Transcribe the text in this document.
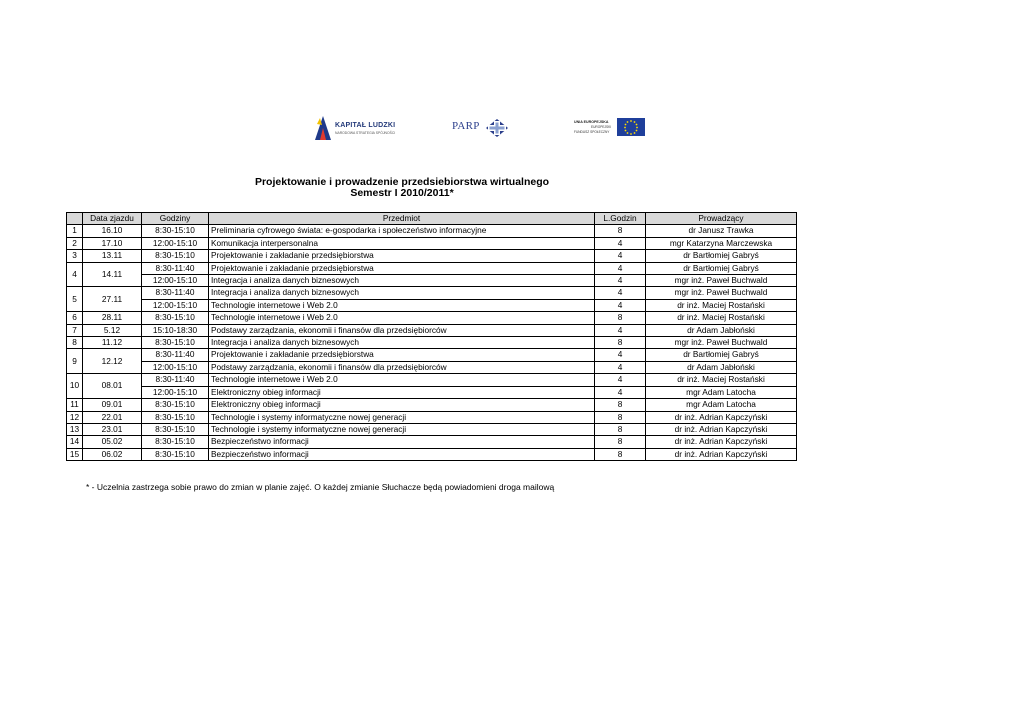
KAPITAŁ LUDZKI
NARODOWA STRATEGIA SPÓJNOŚCI
PARP	UNIA EUROPEJSKA
EUROPEJSKI
FUNDUSZ SPOŁECZNY
Projektowanie i prowadzenie przedsiebiorstwa wirtualnego
Semestr I 2010/2011*
	Data zjazdu	Godziny	Przedmiot	L.Godzin	Prowadzący
1	16.10	8:30-15:10	Preliminaria cyfrowego świata: e-gospodarka i społeczeństwo informacyjne	8	dr Janusz Trawka
2	17.10	12:00-15:10	Komunikacja interpersonalna	4	mgr Katarzyna Marczewska
3	13.11	8:30-15:10	Projektowanie i zakładanie przedsiębiorstwa	4	dr Bartłomiej Gabryś
4	14.11	8:30-11:40	Projektowanie i zakładanie przedsiębiorstwa	4	dr Bartłomiej Gabryś
		12:00-15:10	Integracja i analiza danych biznesowych	4	mgr inż. Paweł Buchwald
5	27.11	8:30-11:40	Integracja i analiza danych biznesowych	4	mgr inż. Paweł Buchwald
		12:00-15:10	Technologie internetowe i Web 2.0	4	dr inż. Maciej Rostański
6	28.11	8:30-15:10	Technologie internetowe i Web 2.0	8	dr inż. Maciej Rostański
7	5.12	15:10-18:30	Podstawy zarządzania, ekonomii i finansów dla przedsiębiorców	4	dr Adam Jabłoński
8	11.12	8:30-15:10	Integracja i analiza danych biznesowych	8	mgr inż. Paweł Buchwald
9	12.12	8:30-11:40	Projektowanie i zakładanie przedsiębiorstwa	4	dr Bartłomiej Gabryś
		12:00-15:10	Podstawy zarządzania, ekonomii i finansów dla przedsiębiorców	4	dr Adam Jabłoński
10	08.01	8:30-11:40	Technologie internetowe i Web 2.0	4	dr inż. Maciej Rostański
		12:00-15:10	Elektroniczny obieg informacji	4	mgr Adam Latocha
11	09.01	8:30-15:10	Elektroniczny obieg informacji	8	mgr Adam Latocha
12	22.01	8:30-15:10	Technologie i systemy informatyczne nowej generacji	8	dr inż. Adrian Kapczyński
13	23.01	8:30-15:10	Technologie i systemy informatyczne nowej generacji	8	dr inż. Adrian Kapczyński
14	05.02	8:30-15:10	Bezpieczeństwo informacji	8	dr inż. Adrian Kapczyński
15	06.02	8:30-15:10	Bezpieczeństwo informacji	8	dr inż. Adrian Kapczyński
* - Uczelnia zastrzega sobie prawo do zmian w planie zajęć. O każdej zmianie Słuchacze będą powiadomieni droga mailową
